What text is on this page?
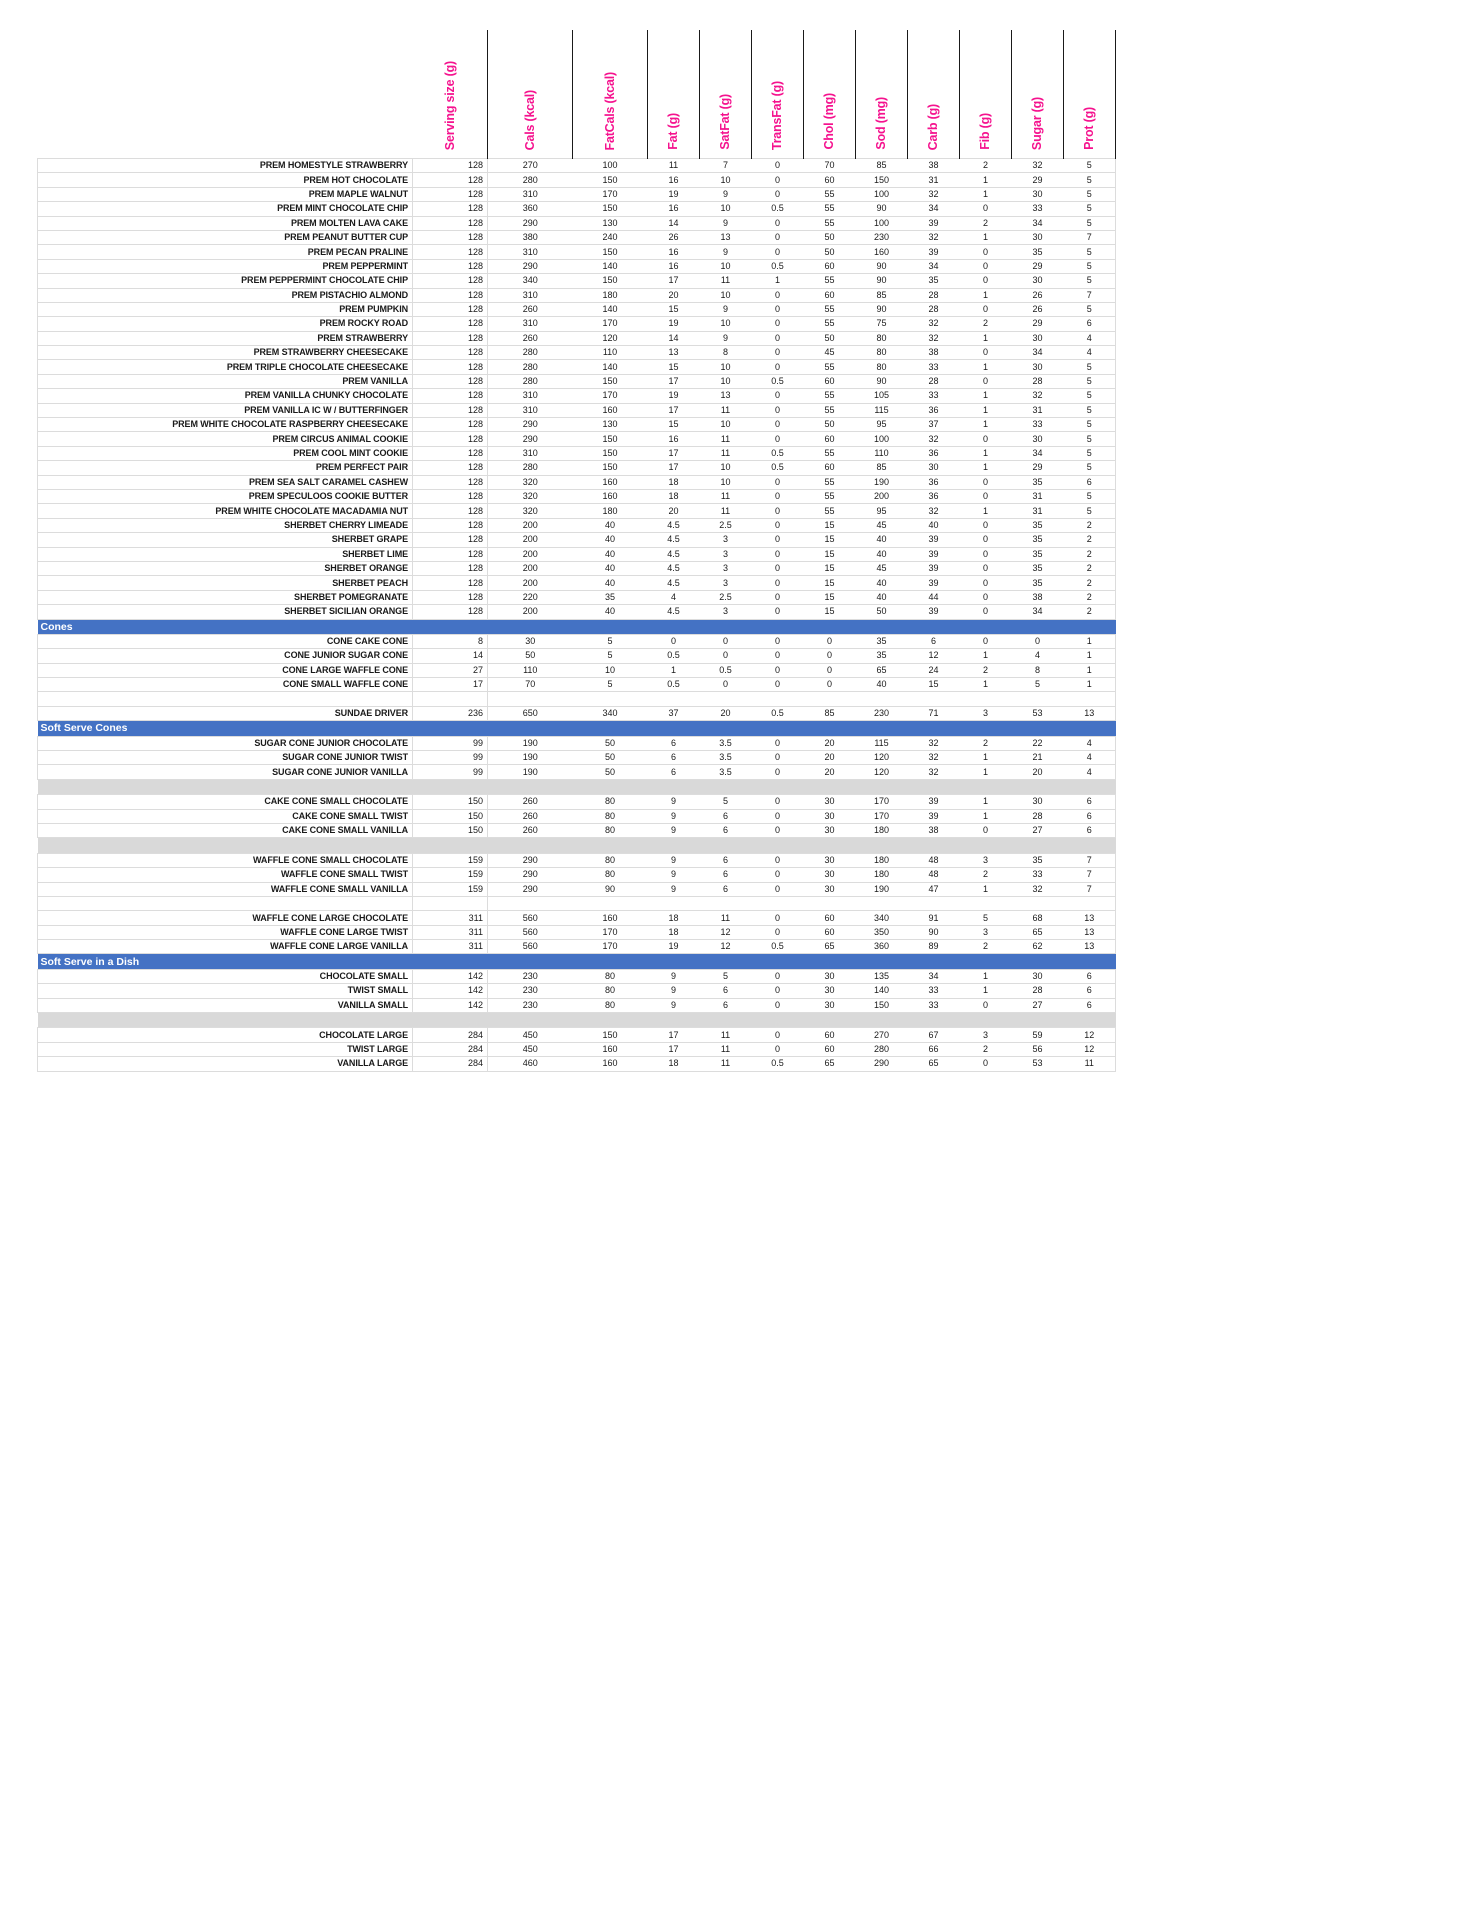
	Serving size (g)	Cals (kcal)	FatCals (kcal)	Fat (g)	SatFat (g)	TransFat (g)	Chol (mg)	Sod (mg)	Carb (g)	Fib (g)	Sugar (g)	Prot (g)
PREM HOMESTYLE STRAWBERRY	128	270	100	11	7	0	70	85	38	2	32	5
PREM HOT CHOCOLATE	128	280	150	16	10	0	60	150	31	1	29	5
PREM MAPLE WALNUT	128	310	170	19	9	0	55	100	32	1	30	5
PREM MINT CHOCOLATE CHIP	128	360	150	16	10	0.5	55	90	34	0	33	5
PREM MOLTEN LAVA CAKE	128	290	130	14	9	0	55	100	39	2	34	5
PREM PEANUT BUTTER CUP	128	380	240	26	13	0	50	230	32	1	30	7
PREM PECAN PRALINE	128	310	150	16	9	0	50	160	39	0	35	5
PREM PEPPERMINT	128	290	140	16	10	0.5	60	90	34	0	29	5
PREM PEPPERMINT CHOCOLATE CHIP	128	340	150	17	11	1	55	90	35	0	30	5
PREM PISTACHIO ALMOND	128	310	180	20	10	0	60	85	28	1	26	7
PREM PUMPKIN	128	260	140	15	9	0	55	90	28	0	26	5
PREM ROCKY ROAD	128	310	170	19	10	0	55	75	32	2	29	6
PREM STRAWBERRY	128	260	120	14	9	0	50	80	32	1	30	4
PREM STRAWBERRY CHEESECAKE	128	280	110	13	8	0	45	80	38	0	34	4
PREM TRIPLE CHOCOLATE CHEESECAKE	128	280	140	15	10	0	55	80	33	1	30	5
PREM VANILLA	128	280	150	17	10	0.5	60	90	28	0	28	5
PREM VANILLA CHUNKY CHOCOLATE	128	310	170	19	13	0	55	105	33	1	32	5
PREM VANILLA IC W / BUTTERFINGER	128	310	160	17	11	0	55	115	36	1	31	5
PREM WHITE CHOCOLATE RASPBERRY CHEESECAKE	128	290	130	15	10	0	50	95	37	1	33	5
PREM CIRCUS ANIMAL COOKIE	128	290	150	16	11	0	60	100	32	0	30	5
PREM COOL MINT COOKIE	128	310	150	17	11	0.5	55	110	36	1	34	5
PREM PERFECT PAIR	128	280	150	17	10	0.5	60	85	30	1	29	5
PREM SEA SALT CARAMEL CASHEW	128	320	160	18	10	0	55	190	36	0	35	6
PREM SPECULOOS COOKIE BUTTER	128	320	160	18	11	0	55	200	36	0	31	5
PREM WHITE CHOCOLATE MACADAMIA NUT	128	320	180	20	11	0	55	95	32	1	31	5
SHERBET CHERRY LIMEADE	128	200	40	4.5	2.5	0	15	45	40	0	35	2
SHERBET GRAPE	128	200	40	4.5	3	0	15	40	39	0	35	2
SHERBET LIME	128	200	40	4.5	3	0	15	40	39	0	35	2
SHERBET ORANGE	128	200	40	4.5	3	0	15	45	39	0	35	2
SHERBET PEACH	128	200	40	4.5	3	0	15	40	39	0	35	2
SHERBET POMEGRANATE	128	220	35	4	2.5	0	15	40	44	0	38	2
SHERBET SICILIAN ORANGE	128	200	40	4.5	3	0	15	50	39	0	34	2
Cones												
CONE CAKE CONE	8	30	5	0	0	0	0	35	6	0	0	1
CONE JUNIOR SUGAR CONE	14	50	5	0.5	0	0	0	35	12	1	4	1
CONE LARGE WAFFLE CONE	27	110	10	1	0.5	0	0	65	24	2	8	1
CONE SMALL WAFFLE CONE	17	70	5	0.5	0	0	0	40	15	1	5	1

SUNDAE DRIVER	236	650	340	37	20	0.5	85	230	71	3	53	13
Soft Serve Cones												
SUGAR CONE JUNIOR CHOCOLATE	99	190	50	6	3.5	0	20	115	32	2	22	4
SUGAR CONE JUNIOR TWIST	99	190	50	6	3.5	0	20	120	32	1	21	4
SUGAR CONE JUNIOR VANILLA	99	190	50	6	3.5	0	20	120	32	1	20	4

CAKE CONE SMALL CHOCOLATE	150	260	80	9	5	0	30	170	39	1	30	6
CAKE CONE SMALL TWIST	150	260	80	9	6	0	30	170	39	1	28	6
CAKE CONE SMALL VANILLA	150	260	80	9	6	0	30	180	38	0	27	6

WAFFLE CONE SMALL CHOCOLATE	159	290	80	9	6	0	30	180	48	3	35	7
WAFFLE CONE SMALL TWIST	159	290	80	9	6	0	30	180	48	2	33	7
WAFFLE CONE SMALL VANILLA	159	290	90	9	6	0	30	190	47	1	32	7

WAFFLE CONE LARGE CHOCOLATE	311	560	160	18	11	0	60	340	91	5	68	13
WAFFLE CONE LARGE TWIST	311	560	170	18	12	0	60	350	90	3	65	13
WAFFLE CONE LARGE VANILLA	311	560	170	19	12	0.5	65	360	89	2	62	13
Soft Serve in a Dish												
CHOCOLATE SMALL	142	230	80	9	5	0	30	135	34	1	30	6
TWIST SMALL	142	230	80	9	6	0	30	140	33	1	28	6
VANILLA SMALL	142	230	80	9	6	0	30	150	33	0	27	6

CHOCOLATE LARGE	284	450	150	17	11	0	60	270	67	3	59	12
TWIST LARGE	284	450	160	17	11	0	60	280	66	2	56	12
VANILLA LARGE	284	460	160	18	11	0.5	65	290	65	0	53	11
